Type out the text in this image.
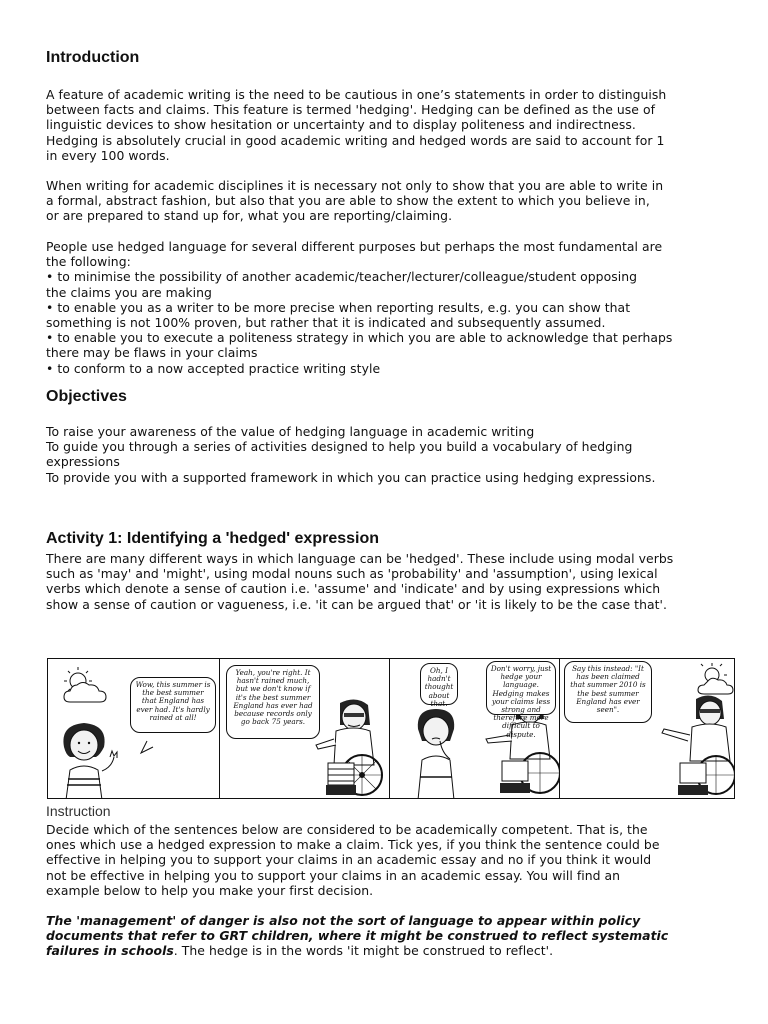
Introduction
A feature of academic writing is the need to be cautious in one’s statements in order to distinguish
between facts and claims. This feature is termed 'hedging'. Hedging can be defined as the use of
linguistic devices to show hesitation or uncertainty and to display politeness and indirectness.
Hedging is absolutely crucial in good academic writing and hedged words are said to account for 1
in every 100 words.
When writing for academic disciplines it is necessary not only to show that you are able to write in
a formal, abstract fashion, but also that you are able to show the extent to which you believe in,
or are prepared to stand up for, what you are reporting/claiming.
People use hedged language for several different purposes but perhaps the most fundamental are
the following:
• to minimise the possibility of another academic/teacher/lecturer/colleague/student opposing
the claims you are making
• to enable you as a writer to be more precise when reporting results, e.g. you can show that
something is not 100% proven, but rather that it is indicated and subsequently assumed.
• to enable you to execute a politeness strategy in which you are able to acknowledge that perhaps
there may be flaws in your claims
• to conform to a now accepted practice writing style
Objectives
To raise your awareness of the value of hedging language in academic writing
To guide you through a series of activities designed to help you build a vocabulary of hedging
expressions
To provide you with a supported framework in which you can practice using hedging expressions.
Activity 1: Identifying a 'hedged' expression
There are many different ways in which language can be 'hedged'. These include using modal verbs
such as 'may' and 'might', using modal nouns such as 'probability' and 'assumption', using lexical
verbs which denote a sense of caution i.e. 'assume' and 'indicate' and by using expressions which
show a sense of caution or vagueness, i.e. 'it can be argued that' or 'it is likely to be the case that'.
Wow, this summer is the best summer that England has ever had. It's hardly rained at all!
Yeah, you're right. It hasn't rained much, but we don't know if it's the best summer England has ever had because records only go back 75 years.
Oh, I hadn't thought about that.
Don't worry, just hedge your language. Hedging makes your claims less strong and therefore more difficult to dispute.
Say this instead: "It has been claimed that summer 2010 is the best summer England has ever seen".
Instruction
Decide which of the sentences below are considered to be academically competent. That is, the
ones which use a hedged expression to make a claim. Tick yes, if you think the sentence could be
effective in helping you to support your claims in an academic essay and no if you think it would
not be effective in helping you to support your claims in an academic essay. You will find an
example below to help you make your first decision.
The 'management' of danger is also not the sort of language to appear within policy
documents that refer to GRT children, where it might be construed to reflect systematic
failures in schools. The hedge is in the words 'it might be construed to reflect'.
